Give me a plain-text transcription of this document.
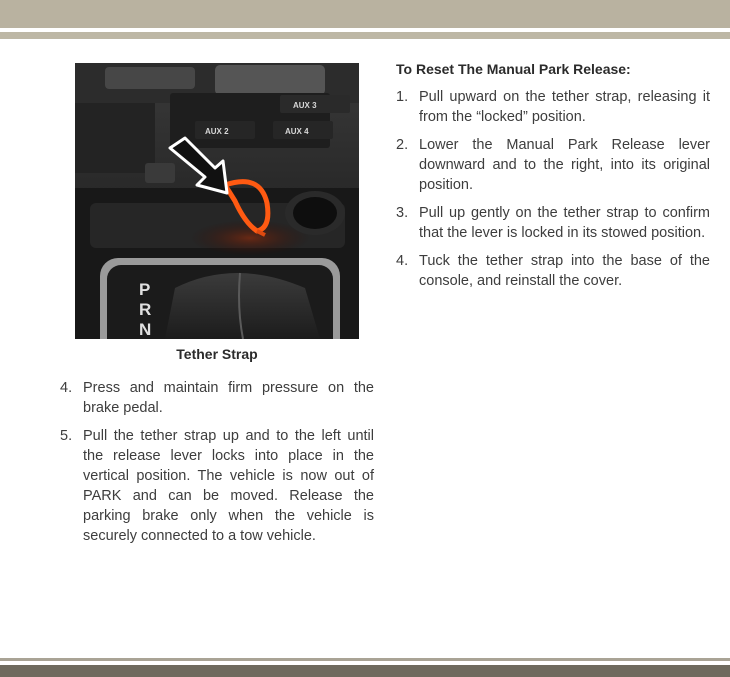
AUX 3
AUX 2	AUX 4
P
R
N
Tether Strap
4. Press and maintain firm pressure on the brake pedal.
5. Pull the tether strap up and to the left until the release lever locks into place in the vertical position. The vehicle is now out of PARK and can be moved. Release the parking brake only when the vehicle is securely connected to a tow vehicle.
To Reset The Manual Park Release:
1. Pull upward on the tether strap, releasing it from the “locked” position.
2. Lower the Manual Park Release lever downward and to the right, into its original position.
3. Pull up gently on the tether strap to confirm that the lever is locked in its stowed position.
4. Tuck the tether strap into the base of the console, and reinstall the cover.
